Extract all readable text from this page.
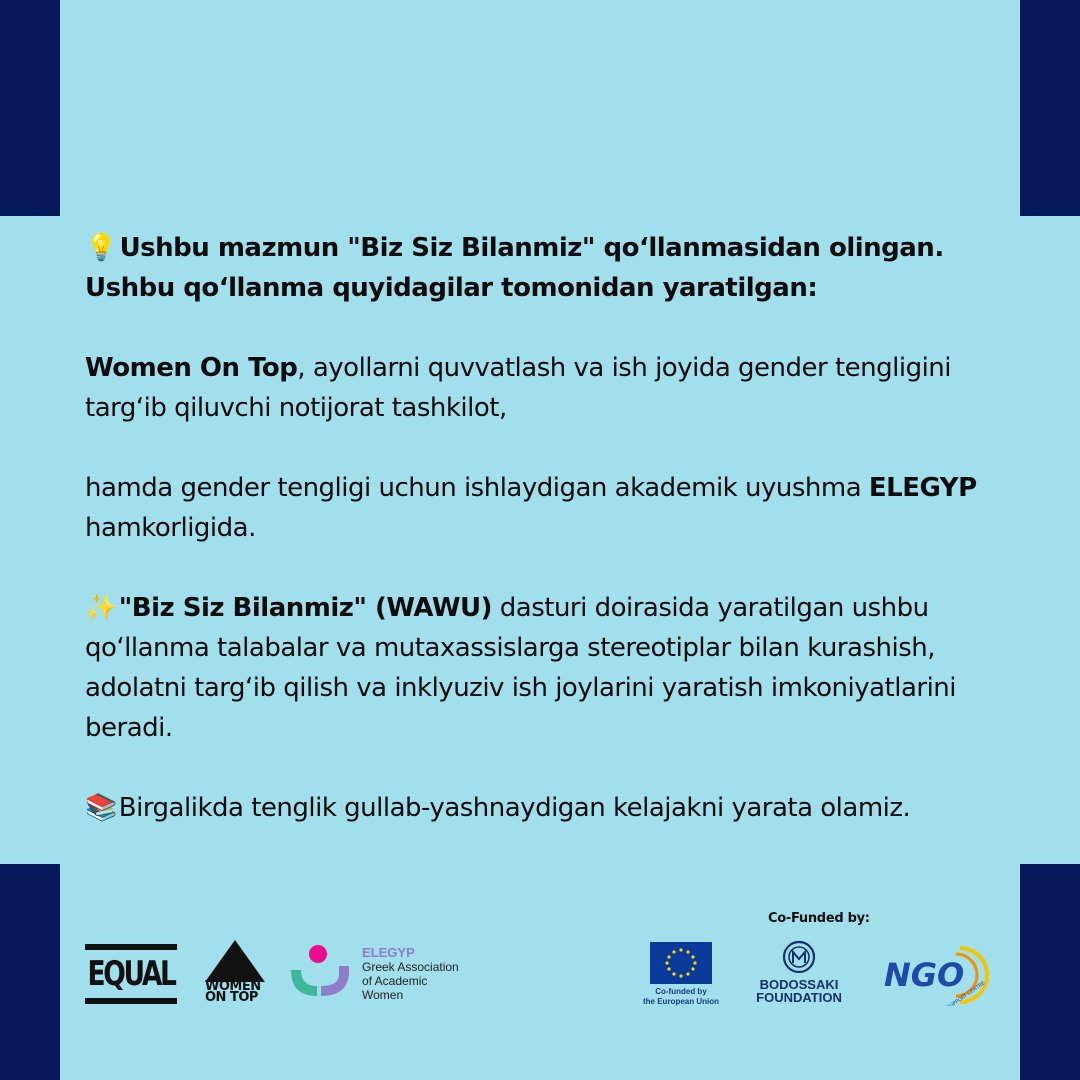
💡 Ushbu mazmun "Biz Siz Bilanmiz" qo‘llanmasidan olingan.
Ushbu qo‘llanma quyidagilar tomonidan yaratilgan:

Women On Top, ayollarni quvvatlash va ish joyida gender tengligini targ‘ib qiluvchi notijorat tashkilot,

hamda gender tengligi uchun ishlaydigan akademik uyushma ELEGYP hamkorligida.

✨ "Biz Siz Bilanmiz" (WAWU) dasturi doirasida yaratilgan ushbu qo‘llanma talabalar va mutaxassislarga stereotiplar bilan kurashish, adolatni targ‘ib qilish va inklyuziv ish joylarini yaratish imkoniyatlarini beradi.

📚 Birgalikda tenglik gullab-yashnaydigan kelajakni yarata olamiz.

EQUAL WOMEN
ON TOP
ELEGYP
Greek Association
of Academic
Women
Co-Funded by:
Co-funded by
the European Union
BODOSSAKI
FOUNDATION
NGO
SUPPORT CENTRE
